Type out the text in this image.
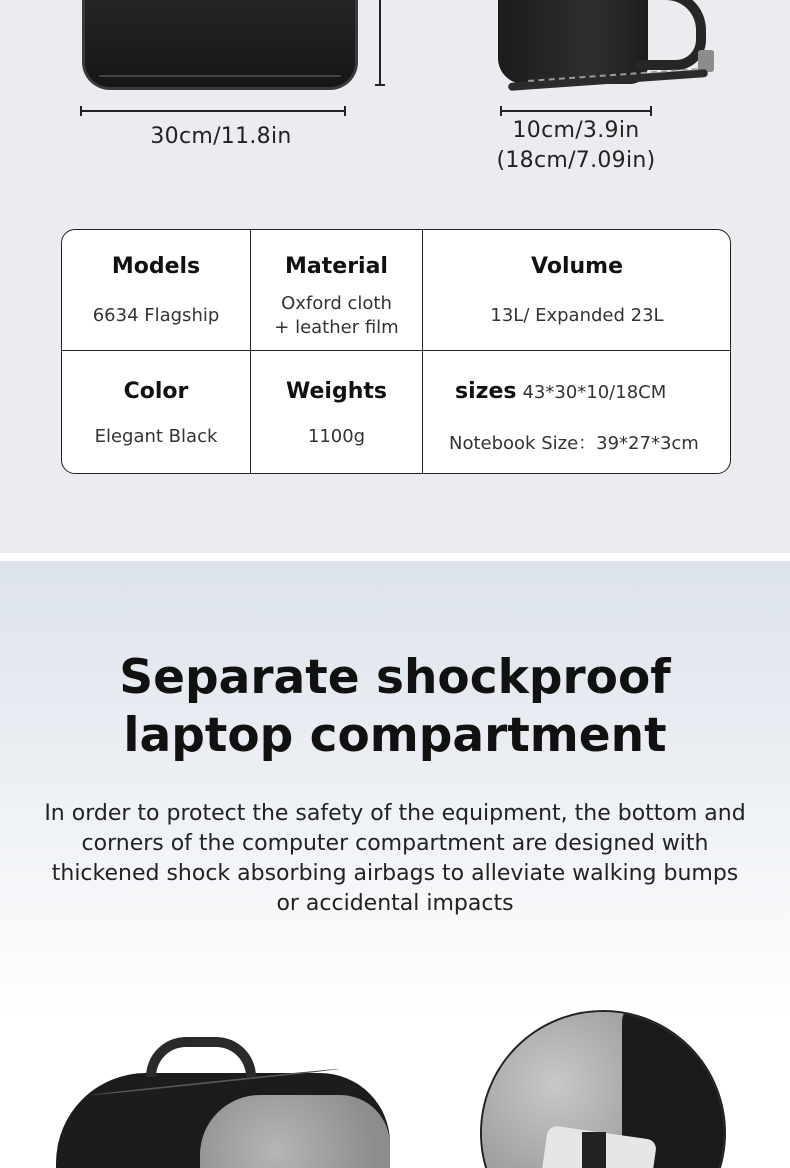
30cm/11.8in	10cm/3.9in
(18cm/7.09in)
Models
6634 Flagship
Material
Oxford cloth
+ leather film
Volume
13L/ Expanded 23L
Color
Elegant Black
Weights
1100g
sizes 43*30*10/18CM
Notebook Size：39*27*3cm
Separate shockproof
laptop compartment

In order to protect the safety of the equipment, the bottom and corners of the computer compartment are designed with thickened shock absorbing airbags to alleviate walking bumps or accidental impacts
